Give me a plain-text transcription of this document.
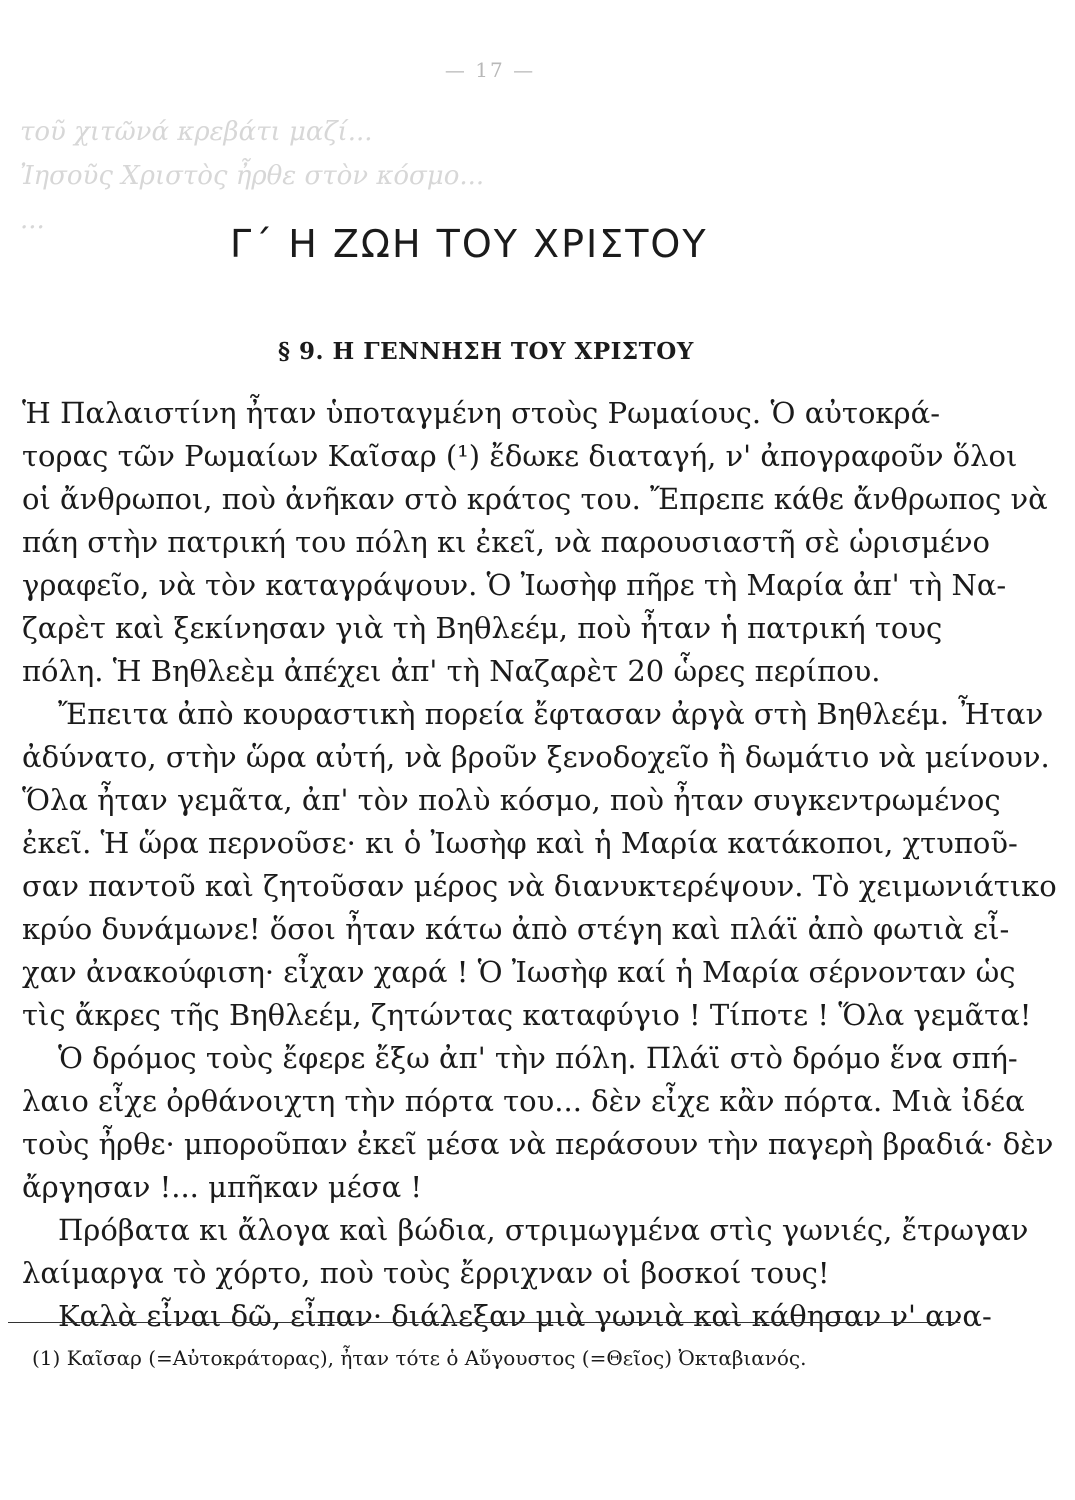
τοῦ χιτῶνά κρεβάτι μαζί...
Ἰησοῦς Χριστὸς ἦρθε στὸν κόσμο...
...
— 17 —
Γ΄ Η ΖΩΗ ΤΟΥ ΧΡΙΣΤΟΥ
§ 9. Η ΓΕΝΝΗΣΗ ΤΟΥ ΧΡΙΣΤΟΥ
Ἡ Παλαιστίνη ἦταν ὑποταγμένη στοὺς Ρωμαίους. Ὁ αὐτοκρά-
τορας τῶν Ρωμαίων Καῖσαρ (¹) ἔδωκε διαταγή, ν' ἀπογραφοῦν ὅλοι
οἱ ἄνθρωποι, ποὺ ἀνῆκαν στὸ κράτος του. Ἔπρεπε κάθε ἄνθρωπος νὰ
πάη στὴν πατρική του πόλη κι ἐκεῖ, νὰ παρουσιαστῆ σὲ ὡρισμένο
γραφεῖο, νὰ τὸν καταγράψουν. Ὁ Ἰωσὴφ πῆρε τὴ Μαρία ἀπ' τὴ Να-
ζαρὲτ καὶ ξεκίνησαν γιὰ τὴ Βηθλεέμ, ποὺ ἦταν ἡ πατρική τους
πόλη. Ἡ Βηθλεὲμ ἀπέχει ἀπ' τὴ Ναζαρὲτ 20 ὧρες περίπου.
Ἔπειτα ἀπὸ κουραστικὴ πορεία ἔφτασαν ἀργὰ στὴ Βηθλεέμ. Ἦταν
ἀδύνατο, στὴν ὥρα αὐτή, νὰ βροῦν ξενοδοχεῖο ἢ δωμάτιο νὰ μείνουν.
Ὅλα ἦταν γεμᾶτα, ἀπ' τὸν πολὺ κόσμο, ποὺ ἦταν συγκεντρωμένος
ἐκεῖ. Ἡ ὥρα περνοῦσε· κι ὁ Ἰωσὴφ καὶ ἡ Μαρία κατάκοποι, χτυποῦ-
σαν παντοῦ καὶ ζητοῦσαν μέρος νὰ διανυκτερέψουν. Τὸ χειμωνιάτικο
κρύο δυνάμωνε! ὅσοι ἦταν κάτω ἀπὸ στέγη καὶ πλάϊ ἀπὸ φωτιὰ εἶ-
χαν ἀνακούφιση· εἶχαν χαρά ! Ὁ Ἰωσὴφ καί ἡ Μαρία σέρνονταν ὡς
τὶς ἄκρες τῆς Βηθλεέμ, ζητώντας καταφύγιο ! Τίποτε ! Ὅλα γεμᾶτα!
Ὁ δρόμος τοὺς ἔφερε ἔξω ἀπ' τὴν πόλη. Πλάϊ στὸ δρόμο ἕνα σπή-
λαιο εἶχε ὀρθάνοιχτη τὴν πόρτα του... δὲν εἶχε κἂν πόρτα. Μιὰ ἰδέα
τοὺς ἦρθε· μποροῦπαν ἐκεῖ μέσα νὰ περάσουν τὴν παγερὴ βραδιά· δὲν
ἄργησαν !... μπῆκαν μέσα !
Πρόβατα κι ἄλογα καὶ βώδια, στριμωγμένα στὶς γωνιές, ἔτρωγαν
λαίμαργα τὸ χόρτο, ποὺ τοὺς ἔρριχναν οἱ βοσκοί τους!
Καλὰ εἶναι δῶ, εἶπαν· διάλεξαν μιὰ γωνιὰ καὶ κάθησαν ν' ανα-
(1) Καῖσαρ (=Αὐτοκράτορας), ἦταν τότε ὁ Αὔγουστος (=Θεῖος) Ὀκταβιανός.
